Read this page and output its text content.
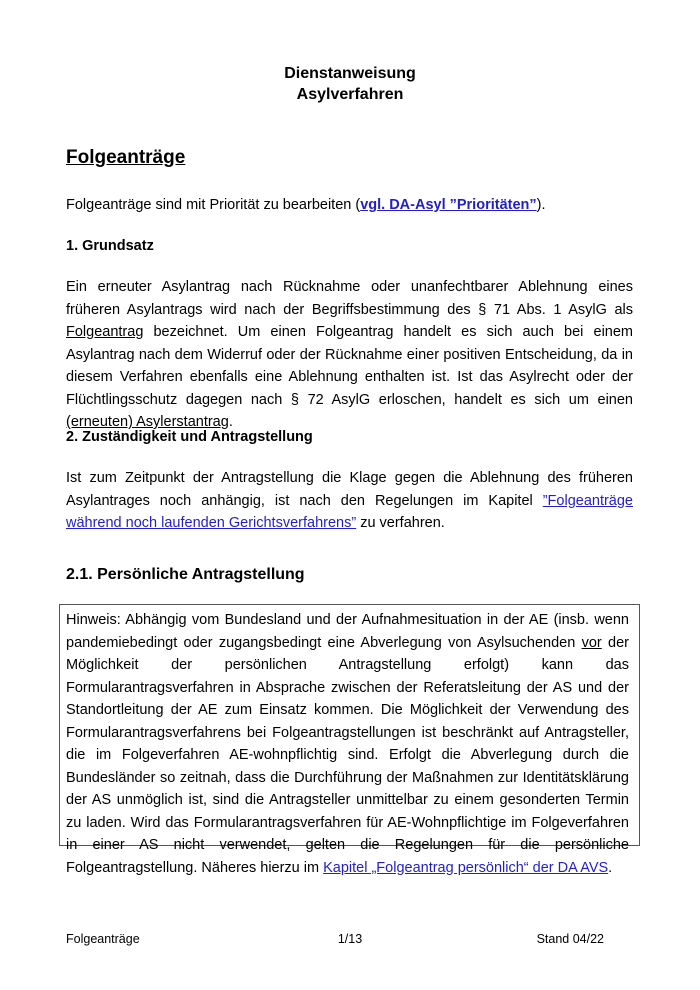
Dienstanweisung
Asylverfahren
Folgeanträge

Folgeanträge sind mit Priorität zu bearbeiten (vgl. DA-Asyl ”Prioritäten”).

1. Grundsatz

Ein erneuter Asylantrag nach Rücknahme oder unanfechtbarer Ablehnung eines früheren Asylantrags wird nach der Begriffsbestimmung des § 71 Abs. 1 AsylG als Folgeantrag bezeichnet. Um einen Folgeantrag handelt es sich auch bei einem Asylantrag nach dem Widerruf oder der Rücknahme einer positiven Entscheidung, da in diesem Verfahren ebenfalls eine Ablehnung enthalten ist. Ist das Asylrecht oder der Flüchtlingsschutz dagegen nach § 72 AsylG erloschen, handelt es sich um einen (erneuten) Asylerstantrag.

2. Zuständigkeit und Antragstellung

Ist zum Zeitpunkt der Antragstellung die Klage gegen die Ablehnung des früheren Asylantrages noch anhängig, ist nach den Regelungen im Kapitel ”Folgeanträge während noch laufenden Gerichtsverfahrens” zu verfahren.

2.1. Persönliche Antragstellung

Hinweis: Abhängig vom Bundesland und der Aufnahmesituation in der AE (insb. wenn pandemiebedingt oder zugangsbedingt eine Abverlegung von Asylsuchenden vor der Möglichkeit der persönlichen Antragstellung erfolgt) kann das Formularantragsverfahren in Absprache zwischen der Referatsleitung der AS und der Standortleitung der AE zum Einsatz kommen. Die Möglichkeit der Verwendung des Formularantragsverfahrens bei Folgeantragstellungen ist beschränkt auf Antragsteller, die im Folgeverfahren AE-wohnpflichtig sind. Erfolgt die Abverlegung durch die Bundesländer so zeitnah, dass die Durchführung der Maßnahmen zur Identitätsklärung der AS unmöglich ist, sind die Antragsteller unmittelbar zu einem gesonderten Termin zu laden. Wird das Formularantragsverfahren für AE-Wohnpflichtige im Folgeverfahren in einer AS nicht verwendet, gelten die Regelungen für die persönliche Folgeantragstellung. Näheres hierzu im Kapitel „Folgeantrag persönlich“ der DA AVS.

Folgeanträge	1/13	Stand 04/22
